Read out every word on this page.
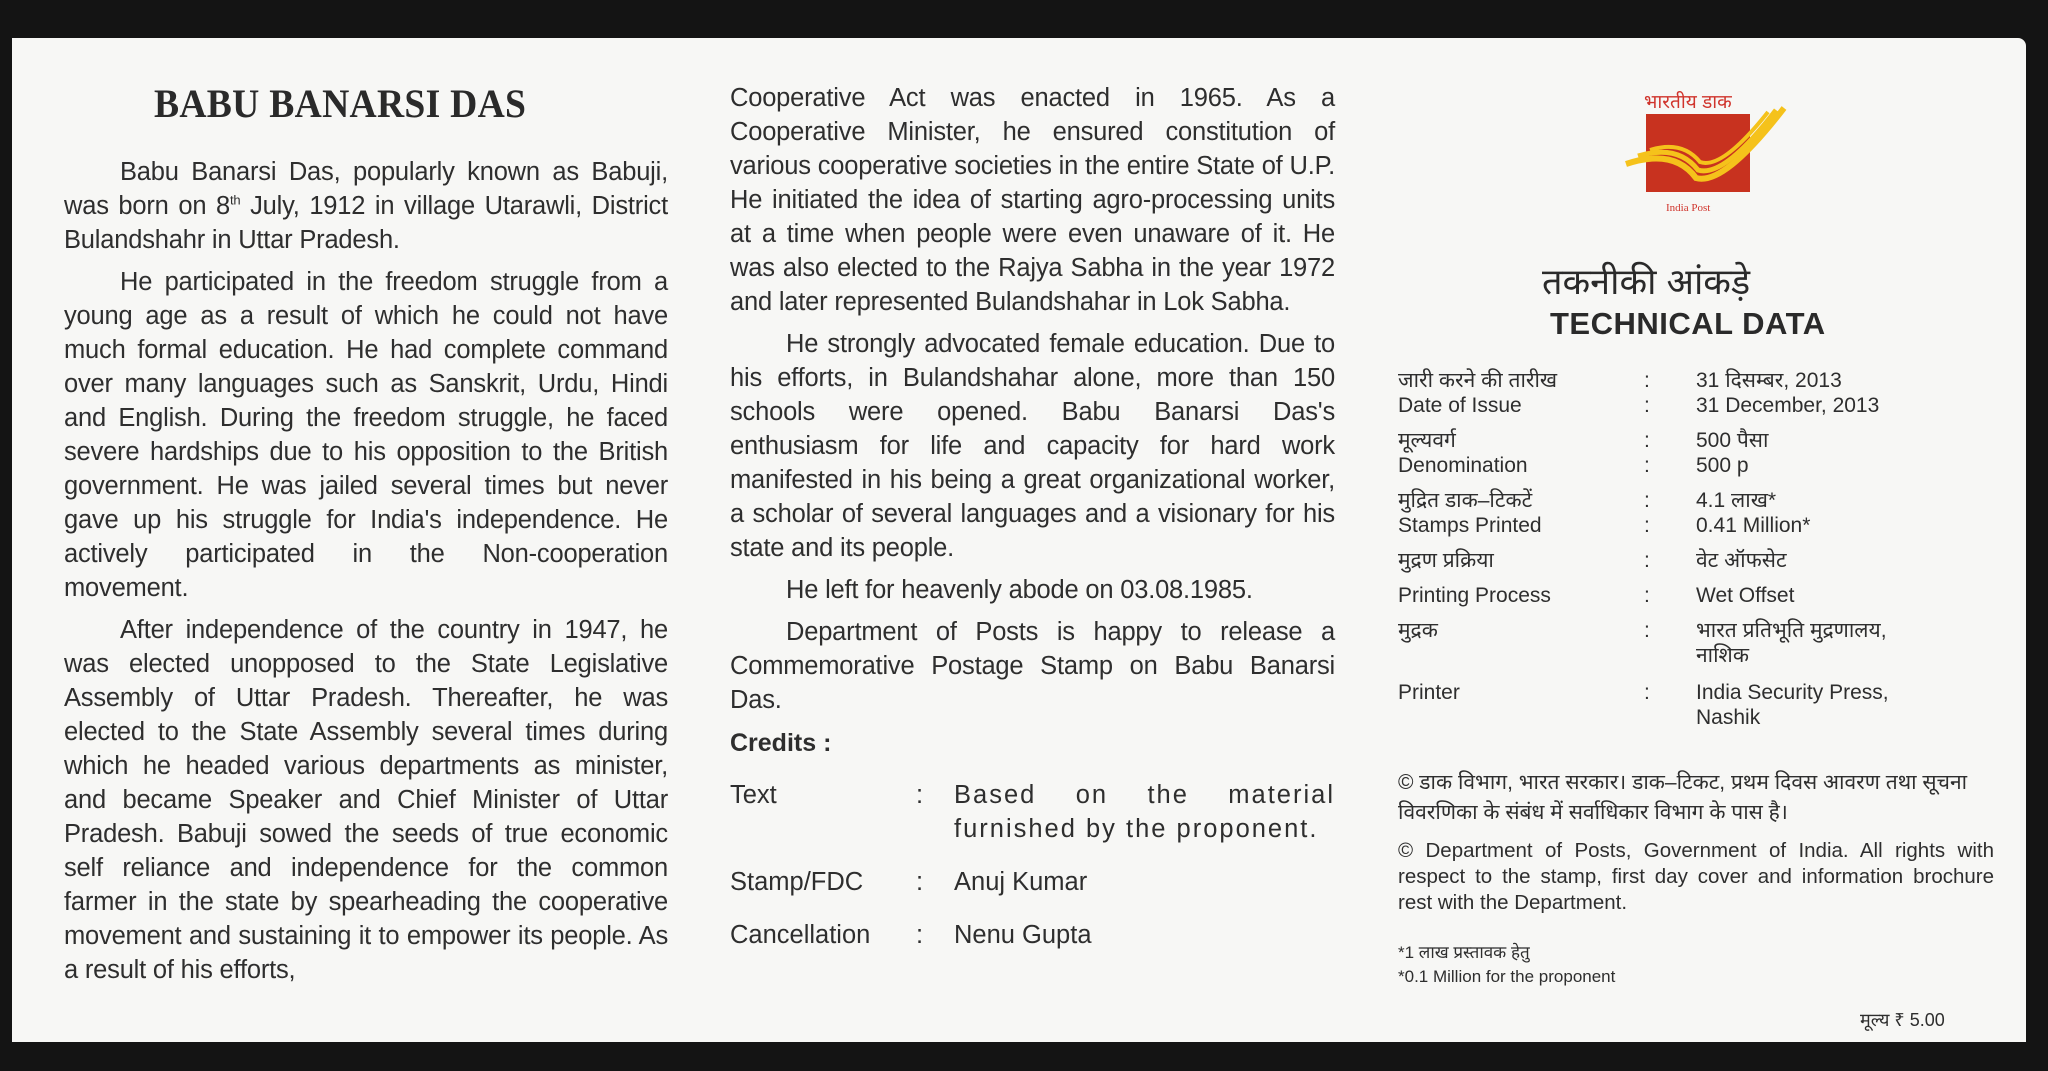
BABU BANARSI DAS

Babu Banarsi Das, popularly known as Babuji, was born on 8th July, 1912 in village Utarawli, District Bulandshahr in Uttar Pradesh.

He participated in the freedom struggle from a young age as a result of which he could not have much formal education. He had complete command over many languages such as Sanskrit, Urdu, Hindi and English. During the freedom struggle, he faced severe hardships due to his opposition to the British government. He was jailed several times but never gave up his struggle for India's independence. He actively participated in the Non-cooperation movement.

After independence of the country in 1947, he was elected unopposed to the State Legislative Assembly of Uttar Pradesh. Thereafter, he was elected to the State Assembly several times during which he headed various departments as minister, and became Speaker and Chief Minister of Uttar Pradesh. Babuji sowed the seeds of true economic self reliance and independence for the common farmer in the state by spearheading the cooperative movement and sustaining it to empower its people. As a result of his efforts,

Cooperative Act was enacted in 1965. As a Cooperative Minister, he ensured constitution of various cooperative societies in the entire State of U.P. He initiated the idea of starting agro-processing units at a time when people were even unaware of it. He was also elected to the Rajya Sabha in the year 1972 and later represented Bulandshahar in Lok Sabha.

He strongly advocated female education. Due to his efforts, in Bulandshahar alone, more than 150 schools were opened. Babu Banarsi Das's enthusiasm for life and capacity for hard work manifested in his being a great organizational worker, a scholar of several languages and a visionary for his state and its people.

He left for heavenly abode on 03.08.1985.

Department of Posts is happy to release a Commemorative Postage Stamp on Babu Banarsi Das.

Credits :
Text	:	Based on the material furnished by the proponent.
Stamp/FDC	:	Anuj Kumar
Cancellation	:	Nenu Gupta
भारतीय डाक
India Post
तकनीकी आंकड़े
TECHNICAL DATA
जारी करने की तारीख	:	31 दिसम्बर, 2013
Date of Issue	:	31 December, 2013
मूल्यवर्ग	:	500 पैसा
Denomination	:	500 p
मुद्रित डाक–टिकटें	:	4.1 लाख*
Stamps Printed	:	0.41 Million*
मुद्रण प्रक्रिया	:	वेट ऑफसेट
Printing Process	:	Wet Offset
मुद्रक	:	भारत प्रतिभूति मुद्रणालय,
नाशिक
Printer	:	India Security Press,
Nashik
© डाक विभाग, भारत सरकार। डाक–टिकट, प्रथम दिवस आवरण तथा सूचना विवरणिका के संबंध में सर्वाधिकार विभाग के पास है।
© Department of Posts, Government of India. All rights with respect to the stamp, first day cover and information brochure rest with the Department.
*1 लाख प्रस्तावक हेतु
*0.1 Million for the proponent
मूल्य ₹ 5.00
